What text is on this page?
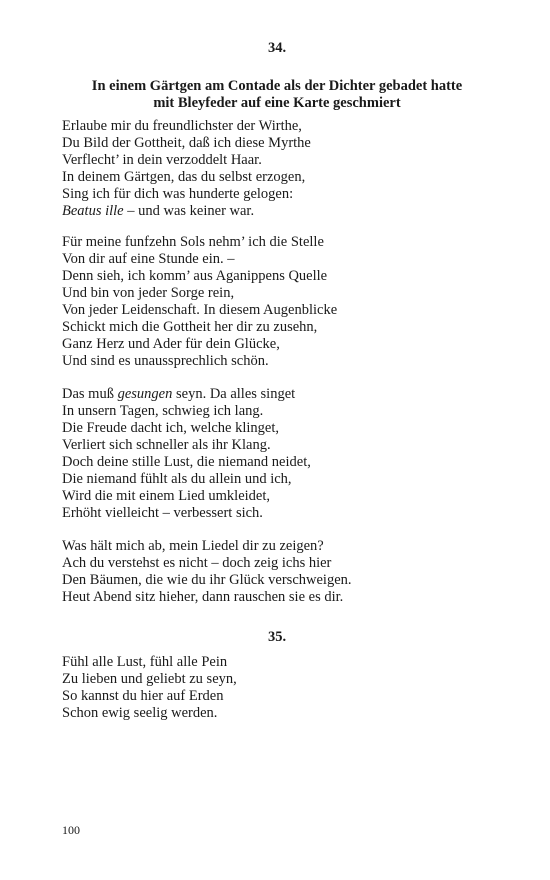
34.
In einem Gärtgen am Contade als der Dichter gebadet hatte
mit Bleyfeder auf eine Karte geschmiert
Erlaube mir du freundlichster der Wirthe,
Du Bild der Gottheit, daß ich diese Myrthe
Verflecht’ in dein verzoddelt Haar.
In deinem Gärtgen, das du selbst erzogen,
Sing ich für dich was hunderte gelogen:
Beatus ille – und was keiner war.
Für meine funfzehn Sols nehm’ ich die Stelle
Von dir auf eine Stunde ein. –
Denn sieh, ich komm’ aus Aganippens Quelle
Und bin von jeder Sorge rein,
Von jeder Leidenschaft. In diesem Augenblicke
Schickt mich die Gottheit her dir zu zusehn,
Ganz Herz und Ader für dein Glücke,
Und sind es unaussprechlich schön.
Das muß gesungen seyn. Da alles singet
In unsern Tagen, schwieg ich lang.
Die Freude dacht ich, welche klinget,
Verliert sich schneller als ihr Klang.
Doch deine stille Lust, die niemand neidet,
Die niemand fühlt als du allein und ich,
Wird die mit einem Lied umkleidet,
Erhöht vielleicht – verbessert sich.
Was hält mich ab, mein Liedel dir zu zeigen?
Ach du verstehst es nicht – doch zeig ichs hier
Den Bäumen, die wie du ihr Glück verschweigen.
Heut Abend sitz hieher, dann rauschen sie es dir.
35.
Fühl alle Lust, fühl alle Pein
Zu lieben und geliebt zu seyn,
So kannst du hier auf Erden
Schon ewig seelig werden.
100
